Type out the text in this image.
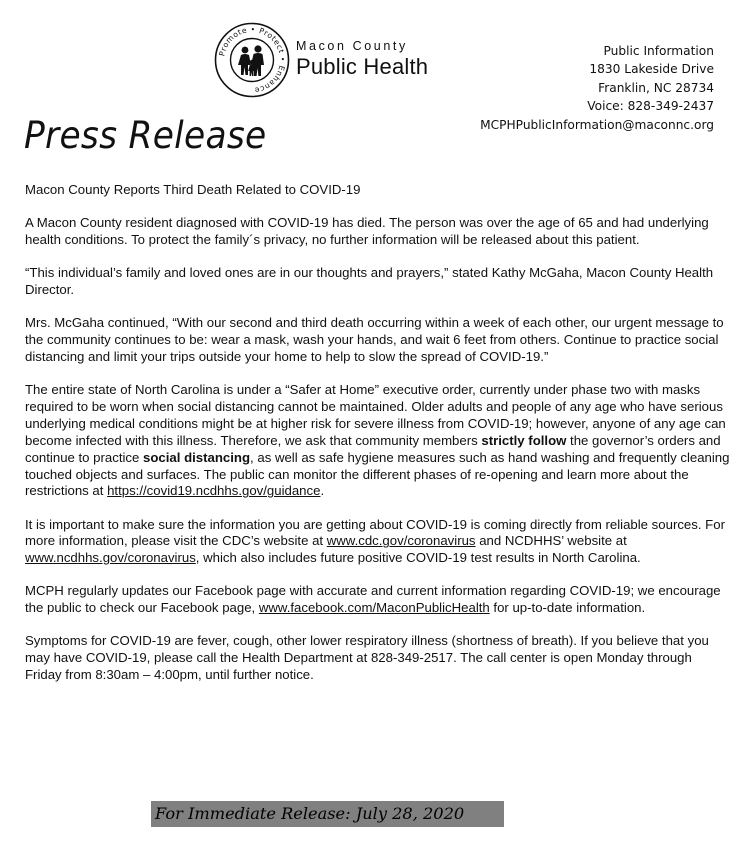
Promote • Protect • Enhance
Macon County
Public Health
Public Information
1830 Lakeside Drive
Franklin, NC 28734
Voice: 828-349-2437
MCPHPublicInformation@maconnc.org
Press Release

Macon County Reports Third Death Related to COVID-19

A Macon County resident diagnosed with COVID-19 has died. The person was over the age of 65 and had underlying health conditions. To protect the family´s privacy, no further information will be released about this patient.

“This individual’s family and loved ones are in our thoughts and prayers,” stated Kathy McGaha, Macon County Health Director.

Mrs. McGaha continued, “With our second and third death occurring within a week of each other, our urgent message to the community continues to be: wear a mask, wash your hands, and wait 6 feet from others. Continue to practice social distancing and limit your trips outside your home to help to slow the spread of COVID-19.”

The entire state of North Carolina is under a “Safer at Home” executive order, currently under phase two with masks required to be worn when social distancing cannot be maintained. Older adults and people of any age who have serious underlying medical conditions might be at higher risk for severe illness from COVID-19; however, anyone of any age can become infected with this illness. Therefore, we ask that community members strictly follow the governor’s orders and continue to practice social distancing, as well as safe hygiene measures such as hand washing and frequently cleaning touched objects and surfaces. The public can monitor the different phases of re-opening and learn more about the restrictions at https://covid19.ncdhhs.gov/guidance.

It is important to make sure the information you are getting about COVID-19 is coming directly from reliable sources. For more information, please visit the CDC’s website at www.cdc.gov/coronavirus and NCDHHS’ website at www.ncdhhs.gov/coronavirus, which also includes future positive COVID-19 test results in North Carolina.

MCPH regularly updates our Facebook page with accurate and current information regarding COVID-19; we encourage the public to check our Facebook page, www.facebook.com/MaconPublicHealth for up-to-date information.

Symptoms for COVID-19 are fever, cough, other lower respiratory illness (shortness of breath). If you believe that you may have COVID-19, please call the Health Department at 828-349-2517. The call center is open Monday through Friday from 8:30am – 4:00pm, until further notice.

For Immediate Release: July 28, 2020
